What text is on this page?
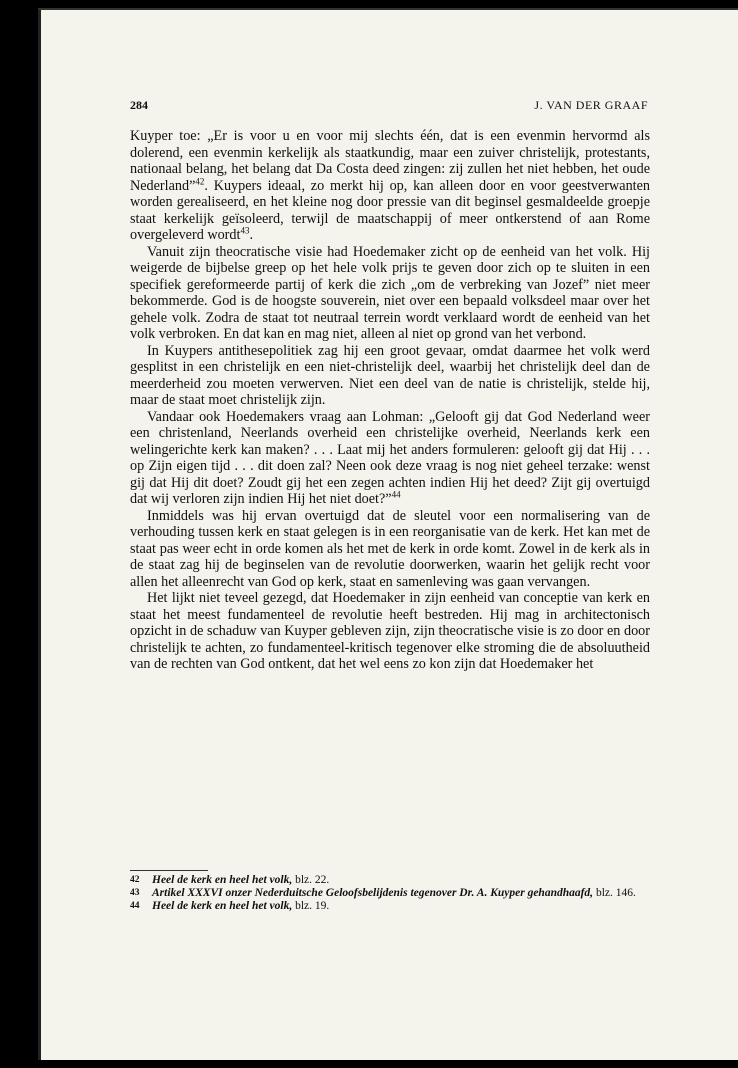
284	J. VAN DER GRAAF

Kuyper toe: „Er is voor u en voor mij slechts één, dat is een evenmin hervormd als dolerend, een evenmin kerkelijk als staatkundig, maar een zuiver christelijk, protestants, nationaal belang, het belang dat Da Costa deed zingen: zij zullen het niet hebben, het oude Nederland”$^{42}$. Kuypers ideaal, zo merkt hij op, kan alleen door en voor geestverwanten worden gerealiseerd, en het kleine nog door pressie van dit beginsel gesmaldeelde groepje staat kerkelijk geïsoleerd, terwijl de maatschappij of meer ontkerstend of aan Rome overgeleverd wordt$^{43}$.

Vanuit zijn theocratische visie had Hoedemaker zicht op de eenheid van het volk. Hij weigerde de bijbelse greep op het hele volk prijs te geven door zich op te sluiten in een specifiek gereformeerde partij of kerk die zich „om de verbreking van Jozef” niet meer bekommerde. God is de hoogste souverein, niet over een bepaald volksdeel maar over het gehele volk. Zodra de staat tot neutraal terrein wordt verklaard wordt de eenheid van het volk verbroken. En dat kan en mag niet, alleen al niet op grond van het verbond.

In Kuypers antithesepolitiek zag hij een groot gevaar, omdat daarmee het volk werd gesplitst in een christelijk en een niet-christelijk deel, waarbij het christelijk deel dan de meerderheid zou moeten verwerven. Niet een deel van de natie is christelijk, stelde hij, maar de staat moet christelijk zijn.

Vandaar ook Hoedemakers vraag aan Lohman: „Gelooft gij dat God Nederland weer een christenland, Neerlands overheid een christelijke overheid, Neerlands kerk een welingerichte kerk kan maken? . . . Laat mij het anders formuleren: gelooft gij dat Hij . . . op Zijn eigen tijd . . . dit doen zal? Neen ook deze vraag is nog niet geheel terzake: wenst gij dat Hij dit doet? Zoudt gij het een zegen achten indien Hij het deed? Zijt gij overtuigd dat wij verloren zijn indien Hij het niet doet?”$^{44}$

Inmiddels was hij ervan overtuigd dat de sleutel voor een normalisering van de verhouding tussen kerk en staat gelegen is in een reorganisatie van de kerk. Het kan met de staat pas weer echt in orde komen als het met de kerk in orde komt. Zowel in de kerk als in de staat zag hij de beginselen van de revolutie doorwerken, waarin het gelijk recht voor allen het alleenrecht van God op kerk, staat en samenleving was gaan vervangen.

Het lijkt niet teveel gezegd, dat Hoedemaker in zijn eenheid van conceptie van kerk en staat het meest fundamenteel de revolutie heeft bestreden. Hij mag in architectonisch opzicht in de schaduw van Kuyper gebleven zijn, zijn theocratische visie is zo door en door christelijk te achten, zo fundamenteel-kritisch tegenover elke stroming die de absoluutheid van de rechten van God ontkent, dat het wel eens zo kon zijn dat Hoedemaker het

42	Heel de kerk en heel het volk, blz. 22.
43	Artikel XXXVI onzer Nederduitsche Geloofsbelijdenis tegenover Dr. A. Kuyper gehandhaafd, blz. 146.
44	Heel de kerk en heel het volk, blz. 19.
